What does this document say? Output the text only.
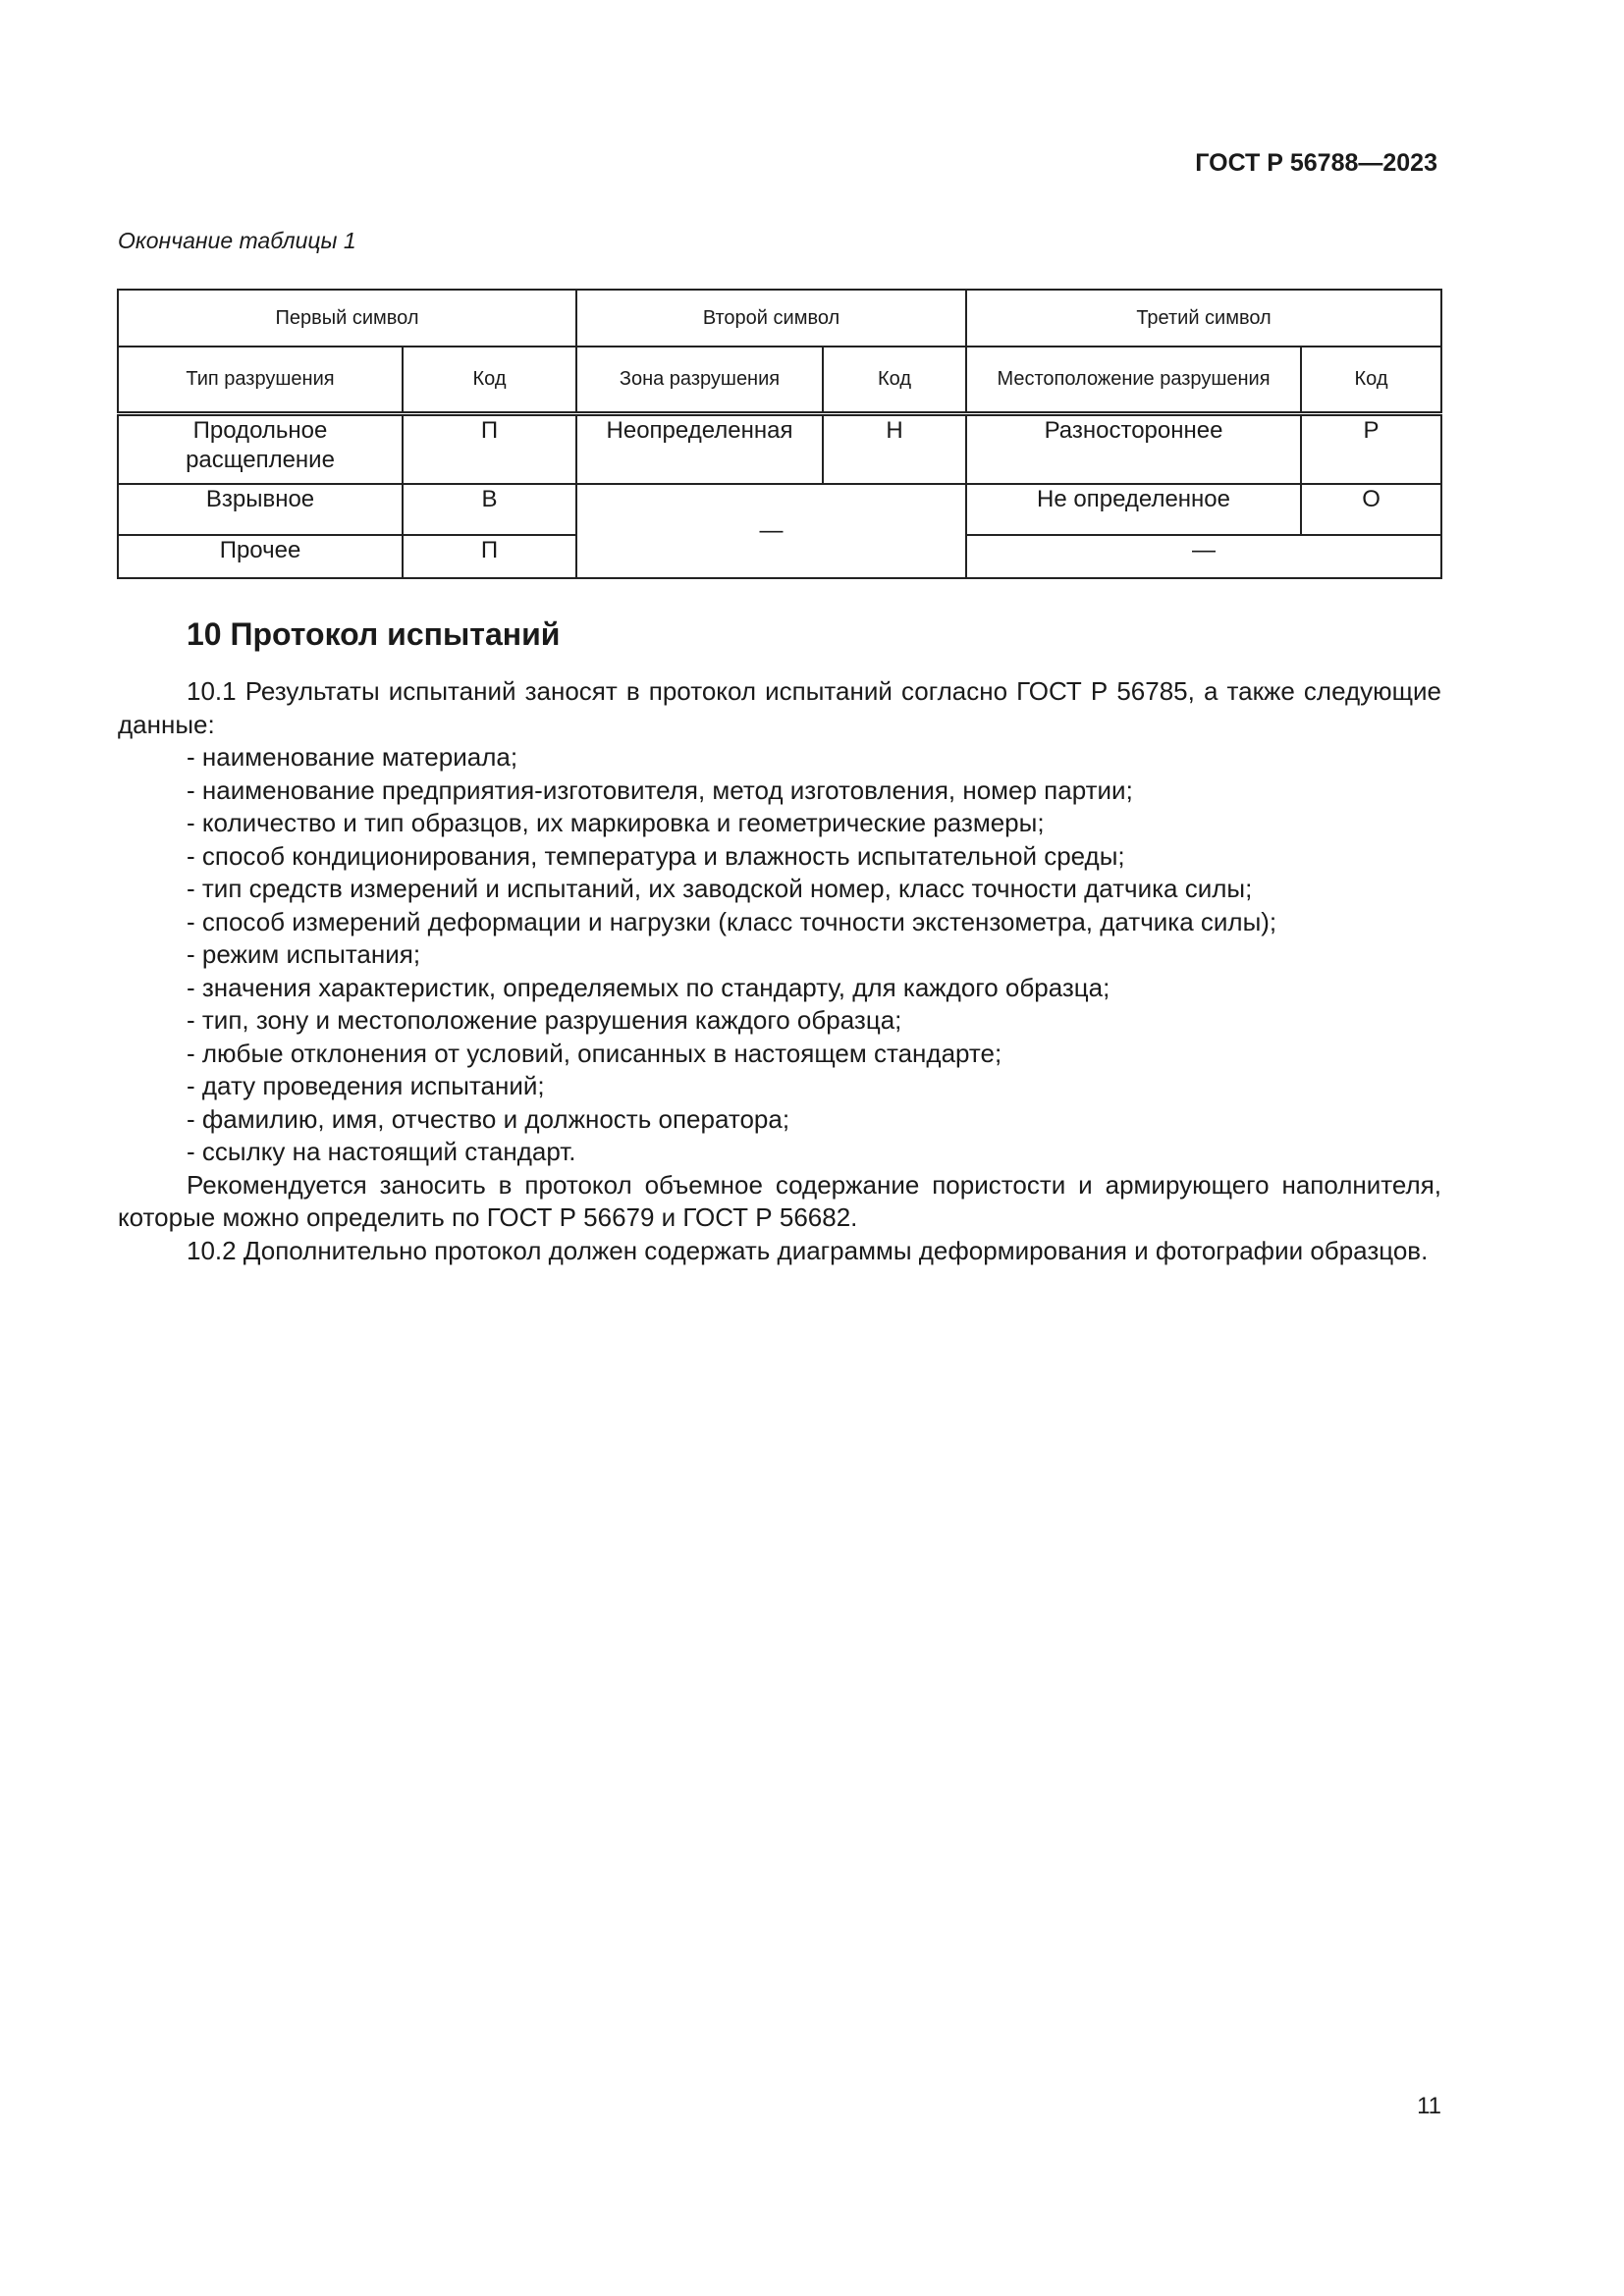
ГОСТ Р 56788—2023
Окончание таблицы 1
Первый символ		Второй символ		Третий символ	
Тип разрушения	Код	Зона разрушения	Код	Местоположение разрушения	Код
Продольное расщепление	П	Неопределенная	Н	Разностороннее	Р
Взрывное	В	—		Не определенное	О
Прочее	П			—	
10 Протокол испытаний

10.1 Результаты испытаний заносят в протокол испытаний согласно ГОСТ Р 56785, а также следующие данные:

- наименование материала;
- наименование предприятия-изготовителя, метод изготовления, номер партии;
- количество и тип образцов, их маркировка и геометрические размеры;
- способ кондиционирования, температура и влажность испытательной среды;
- тип средств измерений и испытаний, их заводской номер, класс точности датчика силы;
- способ измерений деформации и нагрузки (класс точности экстензометра, датчика силы);
- режим испытания;
- значения характеристик, определяемых по стандарту, для каждого образца;
- тип, зону и местоположение разрушения каждого образца;
- любые отклонения от условий, описанных в настоящем стандарте;
- дату проведения испытаний;
- фамилию, имя, отчество и должность оператора;
- ссылку на настоящий стандарт.

Рекомендуется заносить в протокол объемное содержание пористости и армирующего наполнителя, которые можно определить по ГОСТ Р 56679 и ГОСТ Р 56682.

10.2 Дополнительно протокол должен содержать диаграммы деформирования и фотографии образцов.

11
